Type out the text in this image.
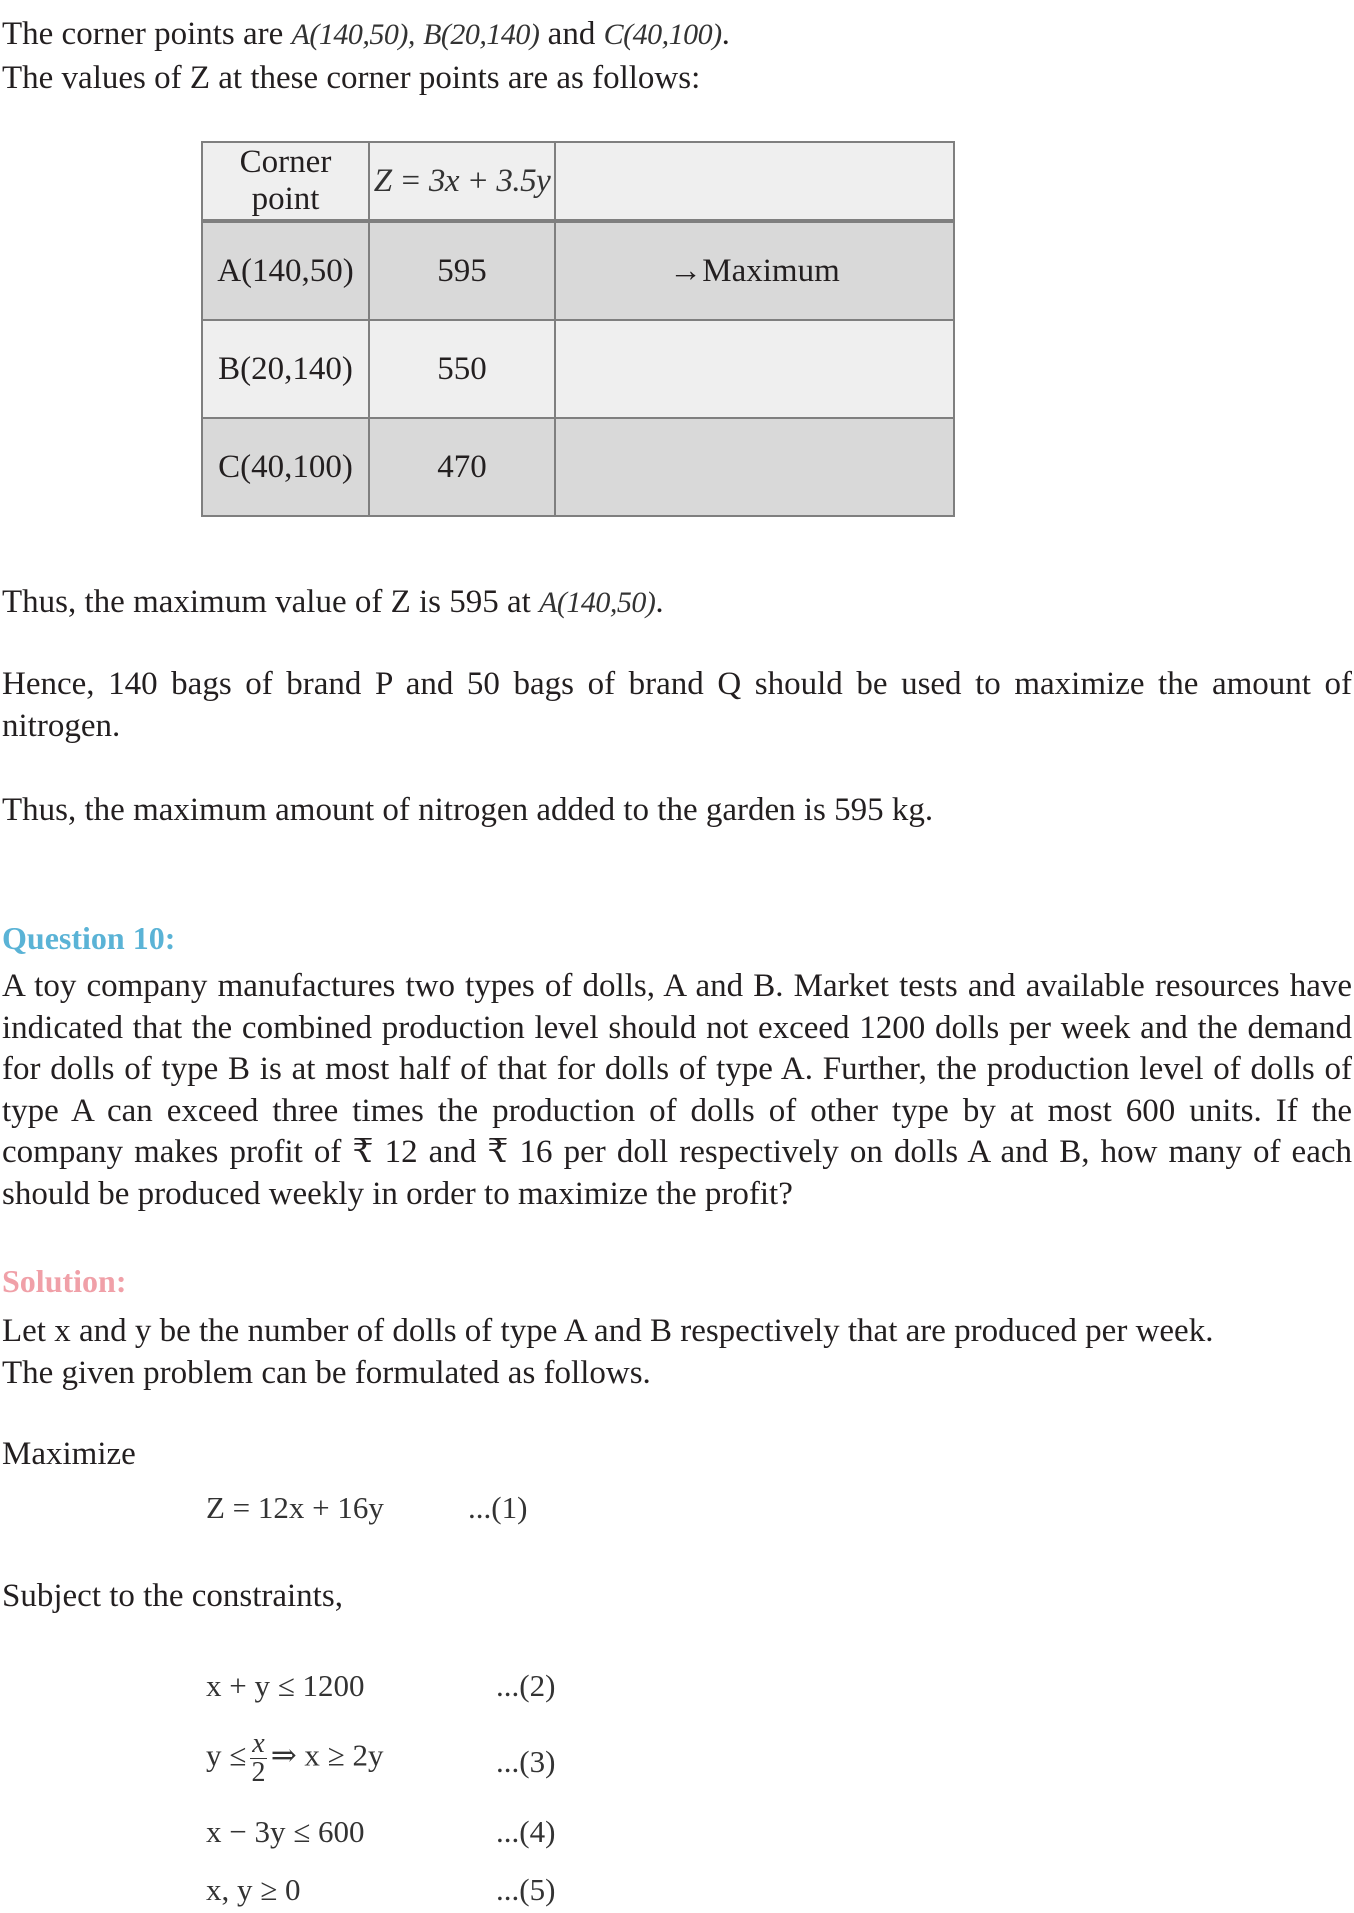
The corner points are A(140,50), B(20,140) and C(40,100).
The values of Z at these corner points are as follows:
Corner point	Z = 3x + 3.5y	
A(140,50)	595	→Maximum
B(20,140)	550	
C(40,100)	470	
Thus, the maximum value of Z is 595 at A(140,50).
Hence, 140 bags of brand P and 50 bags of brand Q should be used to maximize the amount of nitrogen.
Thus, the maximum amount of nitrogen added to the garden is 595 kg.
Question 10:
A toy company manufactures two types of dolls, A and B. Market tests and available resources have indicated that the combined production level should not exceed 1200 dolls per week and the demand for dolls of type B is at most half of that for dolls of type A. Further, the production level of dolls of type A can exceed three times the production of dolls of other type by at most 600 units. If the company makes profit of ₹ 12 and ₹ 16 per doll respectively on dolls A and B, how many of each should be produced weekly in order to maximize the profit?
Solution:
Let x and y be the number of dolls of type A and B respectively that are produced per week.
The given problem can be formulated as follows.
Maximize
Z = 12x + 16y	...(1)
Subject to the constraints,
x + y ≤ 1200	...(2)
$y \le \frac{x}{2}$ ⇒ x ≥ 2y	...(3)
x − 3y ≤ 600	...(4)
x, y ≥ 0	...(5)
